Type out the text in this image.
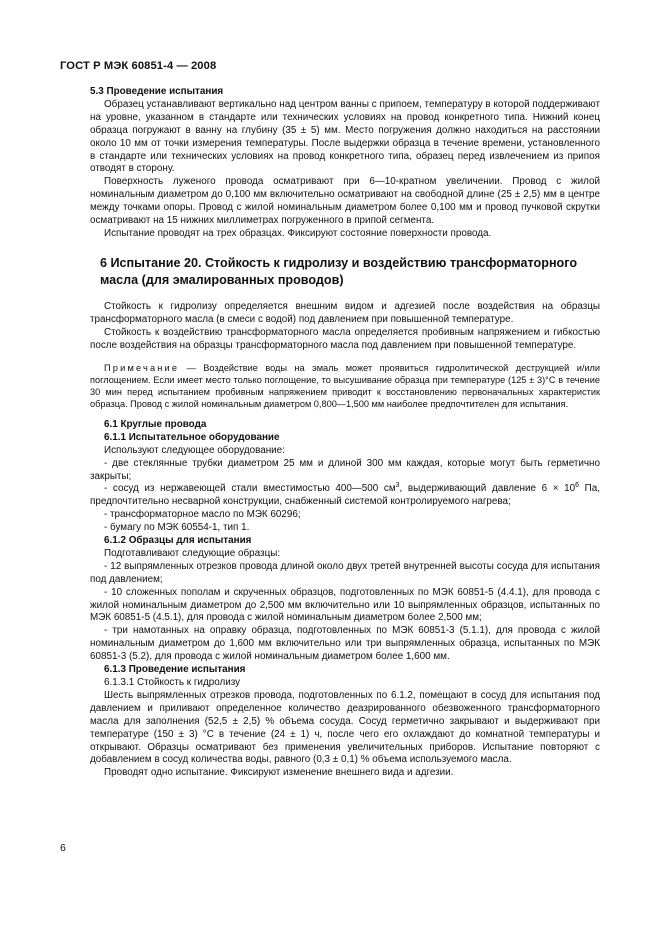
ГОСТ Р МЭК 60851-4 — 2008

5.3 Проведение испытания

Образец устанавливают вертикально над центром ванны с припоем, температуру в которой поддерживают на уровне, указанном в стандарте или технических условиях на провод конкретного типа. Нижний конец образца погружают в ванну на глубину (35 ± 5) мм. Место погружения должно находиться на расстоянии около 10 мм от точки измерения температуры. После выдержки образца в течение времени, установленного в стандарте или технических условиях на провод конкретного типа, образец перед извлечением из припоя отводят в сторону.

Поверхность луженого провода осматривают при 6—10-кратном увеличении. Провод с жилой номинальным диаметром до 0,100 мм включительно осматривают на свободной длине (25 ± 2,5) мм в центре между точками опоры. Провод с жилой номинальным диаметром более 0,100 мм и провод пучковой скрутки осматривают на 15 нижних миллиметрах погруженного в припой сегмента.

Испытание проводят на трех образцах. Фиксируют состояние поверхности провода.

6 Испытание 20. Стойкость к гидролизу и воздействию трансформаторного масла (для эмалированных проводов)

Стойкость к гидролизу определяется внешним видом и адгезией после воздействия на образцы трансформаторного масла (в смеси с водой) под давлением при повышенной температуре.

Стойкость к воздействию трансформаторного масла определяется пробивным напряжением и гибкостью после воздействия на образцы трансформаторного масла под давлением при повышенной температуре.

Примечание — Воздействие воды на эмаль может проявиться гидролитической деструкцией и/или поглощением. Если имеет место только поглощение, то высушивание образца при температуре (125 ± 3)°C в течение 30 мин перед испытанием пробивным напряжением приводит к восстановлению первоначальных характеристик образца. Провод с жилой номинальным диаметром 0,800—1,500 мм наиболее предпочтителен для испытания.

6.1 Круглые провода

6.1.1 Испытательное оборудование

Используют следующее оборудование:

- две стеклянные трубки диаметром 25 мм и длиной 300 мм каждая, которые могут быть герметично закрыты;

- сосуд из нержавеющей стали вместимостью 400—500 $см^3$, выдерживающий давление $6 \times 10^6$ Па, предпочтительно несварной конструкции, снабженный системой контролируемого нагрева;

- трансформаторное масло по МЭК 60296;

- бумагу по МЭК 60554-1, тип 1.

6.1.2 Образцы для испытания

Подготавливают следующие образцы:

- 12 выпрямленных отрезков провода длиной около двух третей внутренней высоты сосуда для испытания под давлением;

- 10 сложенных пополам и скрученных образцов, подготовленных по МЭК 60851-5 (4.4.1), для провода с жилой номинальным диаметром до 2,500 мм включительно или 10 выпрямленных образцов, испытанных по МЭК 60851-5 (4.5.1), для провода с жилой номинальным диаметром более 2,500 мм;

- три намотанных на оправку образца, подготовленных по МЭК 60851-3 (5.1.1), для провода с жилой номинальным диаметром до 1,600 мм включительно или три выпрямленных образца, испытанных по МЭК 60851-3 (5.2), для провода с жилой номинальным диаметром более 1,600 мм.

6.1.3 Проведение испытания

6.1.3.1 Стойкость к гидролизу

Шесть выпрямленных отрезков провода, подготовленных по 6.1.2, помещают в сосуд для испытания под давлением и приливают определенное количество деазрированного обезвоженного трансформаторного масла для заполнения (52,5 ± 2,5) % объема сосуда. Сосуд герметично закрывают и выдерживают при температуре (150 ± 3) °C в течение (24 ± 1) ч, после чего его охлаждают до комнатной температуры и открывают. Образцы осматривают без применения увеличительных приборов. Испытание повторяют с добавлением в сосуд количества воды, равного (0,3 ± 0,1) % объема используемого масла.

Проводят одно испытание. Фиксируют изменение внешнего вида и адгезии.

6
